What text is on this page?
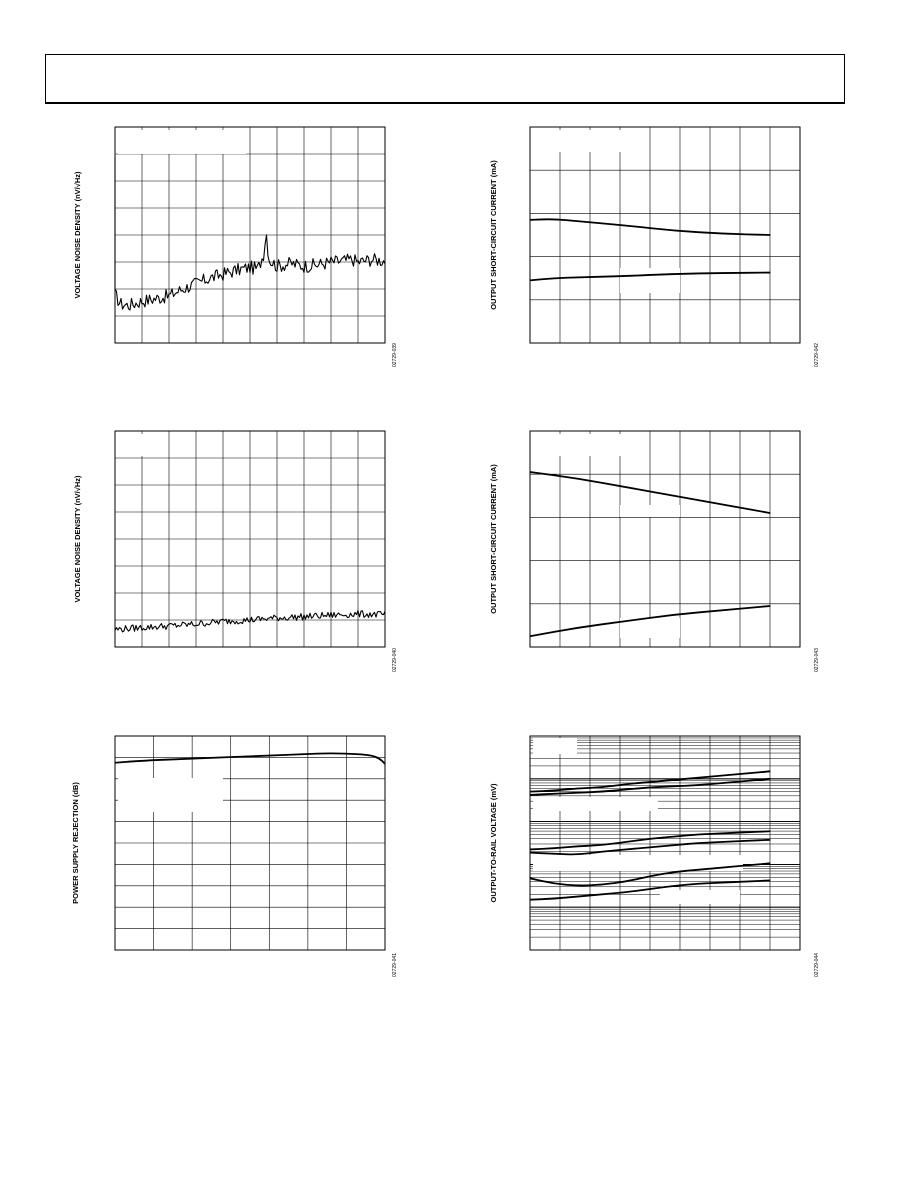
VOLTAGE NOISE DENSITY (nV/√Hz)
02729-039
OUTPUT SHORT-CIRCUIT CURRENT (mA)
02729-042
VOLTAGE NOISE DENSITY (nV/√Hz)
02729-040
OUTPUT SHORT-CIRCUIT CURRENT (mA)
02729-043
POWER SUPPLY REJECTION (dB)
02729-041
OUTPUT-TO-RAIL VOLTAGE (mV)
02729-044
